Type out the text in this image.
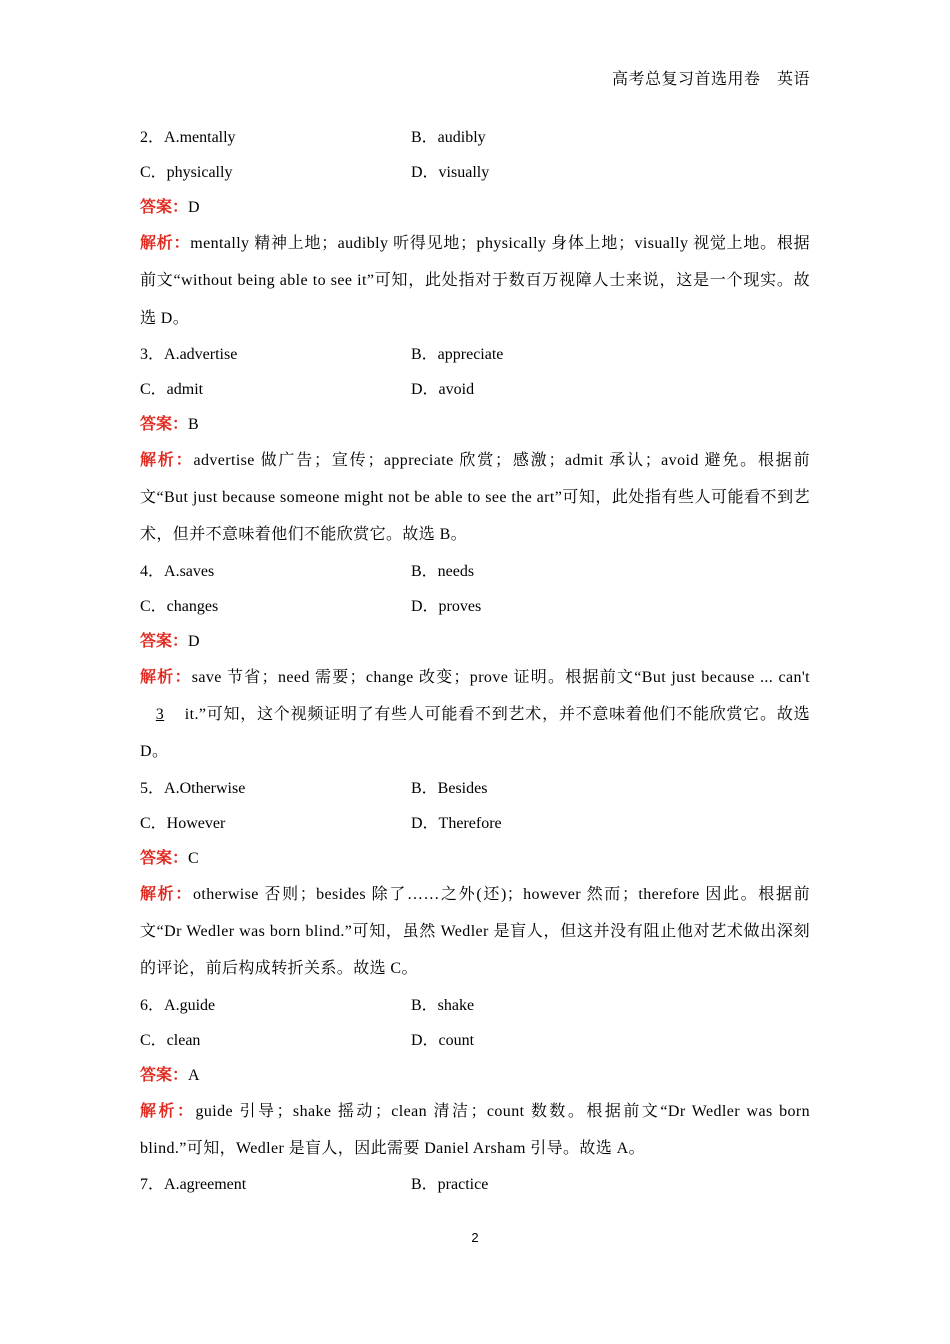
高考总复习首选用卷　英语
2．A.mentally	B．audibly
C．physically	D．visually
答案：D
解析：mentally 精神上地；audibly 听得见地；physically 身体上地；visually 视觉上地。根据前文“without being able to see it”可知，此处指对于数百万视障人士来说，这是一个现实。故选 D。
3．A.advertise	B．appreciate
C．admit	D．avoid
答案：B
解析：advertise 做广告；宣传；appreciate 欣赏；感激；admit 承认；avoid 避免。根据前文“But just because someone might not be able to see the art”可知，此处指有些人可能看不到艺术，但并不意味着他们不能欣赏它。故选 B。
4．A.saves	B．needs
C．changes	D．proves
答案：D
解析：save 节省；need 需要；change 改变；prove 证明。根据前文“But just because ... can't 3 it.”可知，这个视频证明了有些人可能看不到艺术，并不意味着他们不能欣赏它。故选 D。
5．A.Otherwise	B．Besides
C．However	D．Therefore
答案：C
解析：otherwise 否则；besides 除了……之外(还)；however 然而；therefore 因此。根据前文“Dr Wedler was born blind.”可知，虽然 Wedler 是盲人，但这并没有阻止他对艺术做出深刻的评论，前后构成转折关系。故选 C。
6．A.guide	B．shake
C．clean	D．count
答案：A
解析：guide 引导；shake 摇动；clean 清洁；count 数数。根据前文“Dr Wedler was born blind.”可知，Wedler 是盲人，因此需要 Daniel Arsham 引导。故选 A。
7．A.agreement	B．practice
2
